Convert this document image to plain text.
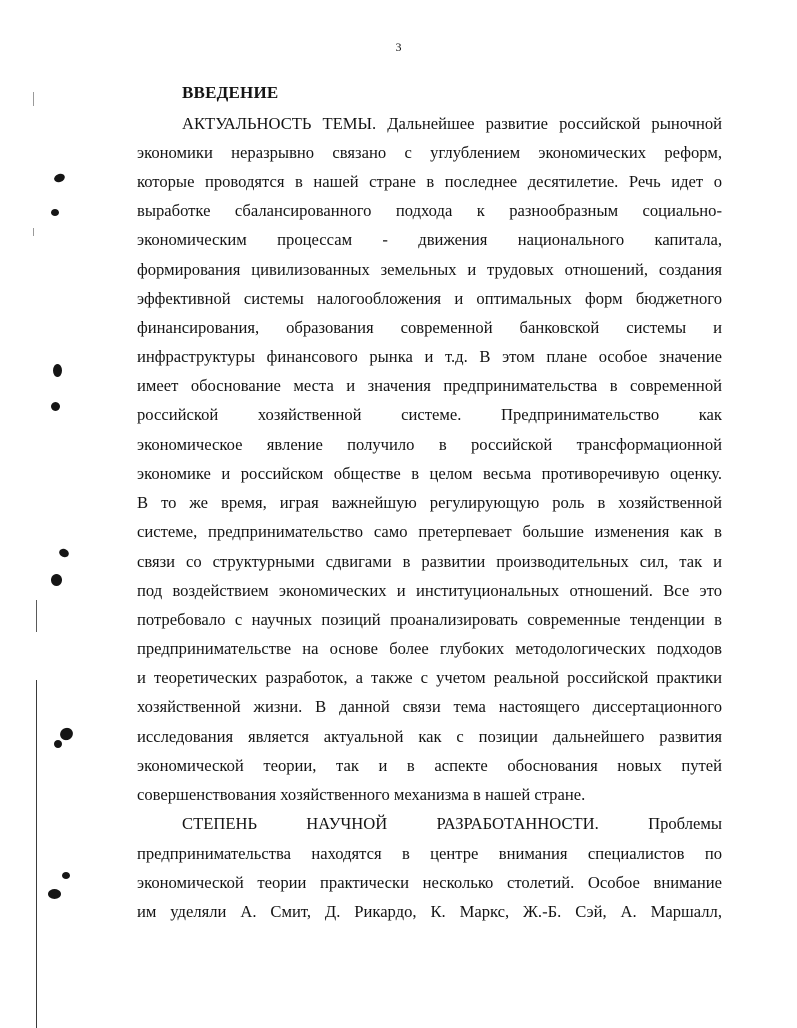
3
ВВЕДЕНИЕ
АКТУАЛЬНОСТЬ ТЕМЫ. Дальнейшее развитие российской рыночной
экономики неразрывно связано с углублением экономических реформ,
которые проводятся в нашей стране в последнее десятилетие. Речь идет о
выработке сбалансированного подхода к разнообразным социально-
экономическим процессам - движения национального капитала,
формирования цивилизованных земельных и трудовых отношений, создания
эффективной системы налогообложения и оптимальных форм бюджетного
финансирования, образования современной банковской системы и
инфраструктуры финансового рынка и т.д. В этом плане особое значение
имеет обоснование места и значения предпринимательства в современной
российской хозяйственной системе. Предпринимательство как
экономическое явление получило в российской трансформационной
экономике и российском обществе в целом весьма противоречивую оценку.
В то же время, играя важнейшую регулирующую роль в хозяйственной
системе, предпринимательство само претерпевает большие изменения как в
связи со структурными сдвигами в развитии производительных сил, так и
под воздействием экономических и институциональных отношений. Все это
потребовало с научных позиций проанализировать современные тенденции в
предпринимательстве на основе более глубоких методологических подходов
и теоретических разработок, а также с учетом реальной российской практики
хозяйственной жизни. В данной связи тема настоящего диссертационного
исследования является актуальной как с позиции дальнейшего развития
экономической теории, так и в аспекте обоснования новых путей
совершенствования хозяйственного механизма в нашей стране.
СТЕПЕНЬ НАУЧНОЙ РАЗРАБОТАННОСТИ. Проблемы
предпринимательства находятся в центре внимания специалистов по
экономической теории практически несколько столетий. Особое внимание
им уделяли А. Смит, Д. Рикардо, К. Маркс, Ж.-Б. Сэй, А. Маршалл,
